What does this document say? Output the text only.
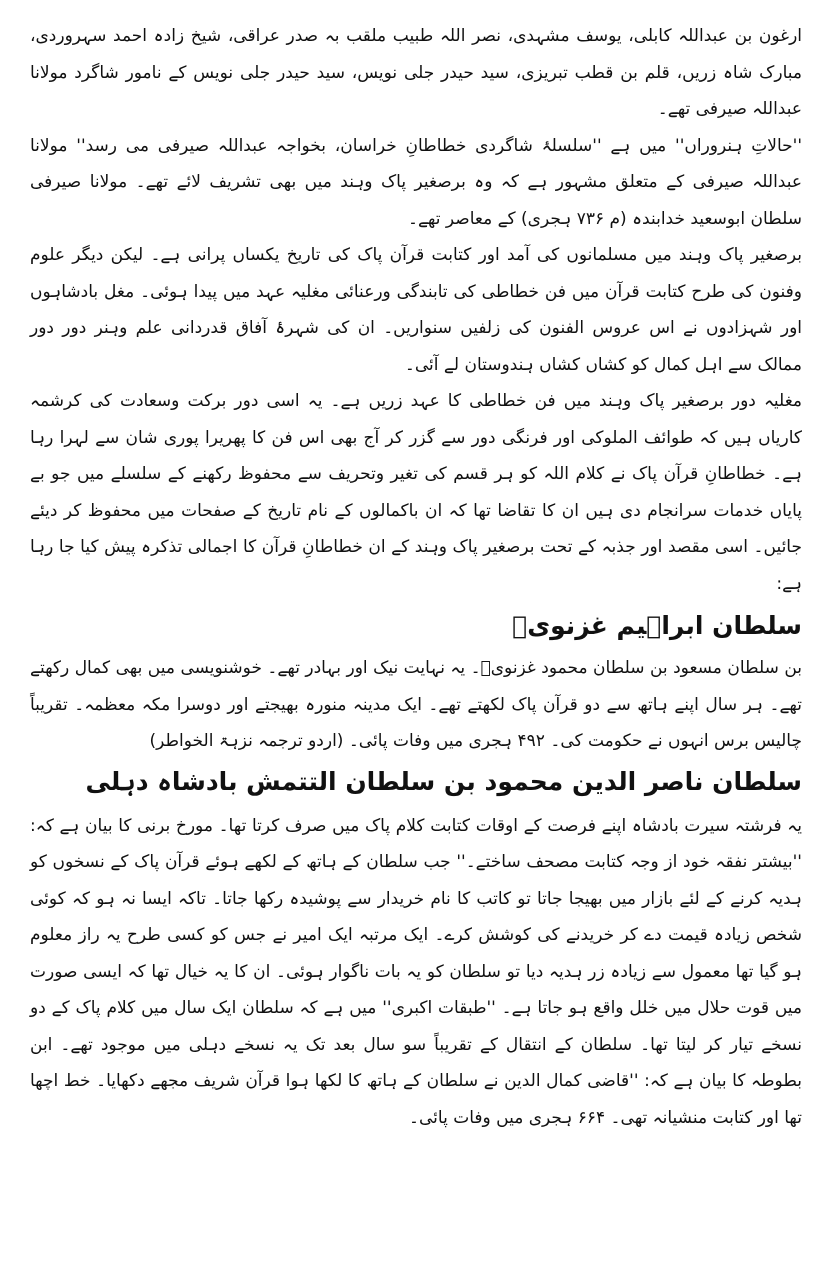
ارغون بن عبداللہ کابلی، یوسف مشہدی، نصر اللہ طبیب ملقب بہ صدر عراقی، شیخ زادہ احمد سہروردی، مبارک شاہ زریں، قلم بن قطب تبریزی، سید حیدر جلی نویس، سید حیدر جلی نویس کے نامور شاگرد مولانا عبداللہ صیرفی تھے۔

''حالاتِ ہنروراں'' میں ہے ''سلسلۂ شاگردی خطاطانِ خراسان، بخواجہ عبداللہ صیرفی می رسد'' مولانا عبداللہ صیرفی کے متعلق مشہور ہے کہ وہ برصغیر پاک وہند میں بھی تشریف لائے تھے۔ مولانا صیرفی سلطان ابوسعید خدابندہ (م ۷۳۶ ہجری) کے معاصر تھے۔

برصغیر پاک وہند میں مسلمانوں کی آمد اور کتابت قرآن پاک کی تاریخ یکساں پرانی ہے۔ لیکن دیگر علوم وفنون کی طرح کتابت قرآن میں فن خطاطی کی تابندگی ورعنائی مغلیہ عہد میں پیدا ہوئی۔ مغل بادشاہوں اور شہزادوں نے اس عروس الفنون کی زلفیں سنواریں۔ ان کی شہرۂ آفاق قدردانی علم وہنر دور دور ممالک سے اہل کمال کو کشاں کشاں ہندوستان لے آئی۔

مغلیہ دور برصغیر پاک وہند میں فن خطاطی کا عہد زریں ہے۔ یہ اسی دور برکت وسعادت کی کرشمہ کاریاں ہیں کہ طوائف الملوکی اور فرنگی دور سے گزر کر آج بھی اس فن کا پھریرا پوری شان سے لہرا رہا ہے۔ خطاطانِ قرآن پاک نے کلام اللہ کو ہر قسم کی تغیر وتحریف سے محفوظ رکھنے کے سلسلے میں جو بے پایاں خدمات سرانجام دی ہیں ان کا تقاضا تھا کہ ان باکمالوں کے نام تاریخ کے صفحات میں محفوظ کر دیئے جائیں۔ اسی مقصد اور جذبہ کے تحت برصغیر پاک وہند کے ان خطاطانِ قرآن کا اجمالی تذکرہ پیش کیا جا رہا ہے:

سلطان ابراہیم غزنویؒ

بن سلطان مسعود بن سلطان محمود غزنویؒ۔ یہ نہایت نیک اور بہادر تھے۔ خوشنویسی میں بھی کمال رکھتے تھے۔ ہر سال اپنے ہاتھ سے دو قرآن پاک لکھتے تھے۔ ایک مدینہ منورہ بھیجتے اور دوسرا مکہ معظمہ۔ تقریباً چالیس برس انہوں نے حکومت کی۔ ۴۹۲ ہجری میں وفات پائی۔ (اردو ترجمہ نزہۃ الخواطر)

سلطان ناصر الدین محمود بن سلطان التتمش بادشاہ دہلی

یہ فرشتہ سیرت بادشاہ اپنے فرصت کے اوقات کتابت کلام پاک میں صرف کرتا تھا۔ مورخ برنی کا بیان ہے کہ: ''بیشتر نفقہ خود از وجہ کتابت مصحف ساختے۔'' جب سلطان کے ہاتھ کے لکھے ہوئے قرآن پاک کے نسخوں کو ہدیہ کرنے کے لئے بازار میں بھیجا جاتا تو کاتب کا نام خریدار سے پوشیدہ رکھا جاتا۔ تاکہ ایسا نہ ہو کہ کوئی شخص زیادہ قیمت دے کر خریدنے کی کوشش کرے۔ ایک مرتبہ ایک امیر نے جس کو کسی طرح یہ راز معلوم ہو گیا تھا معمول سے زیادہ زر ہدیہ دیا تو سلطان کو یہ بات ناگوار ہوئی۔ ان کا یہ خیال تھا کہ ایسی صورت میں قوت حلال میں خلل واقع ہو جاتا ہے۔ ''طبقات اکبری'' میں ہے کہ سلطان ایک سال میں کلام پاک کے دو نسخے تیار کر لیتا تھا۔ سلطان کے انتقال کے تقریباً سو سال بعد تک یہ نسخے دہلی میں موجود تھے۔ ابن بطوطہ کا بیان ہے کہ: ''قاضی کمال الدین نے سلطان کے ہاتھ کا لکھا ہوا قرآن شریف مجھے دکھایا۔ خط اچھا تھا اور کتابت منشیانہ تھی۔ ۶۶۴ ہجری میں وفات پائی۔
